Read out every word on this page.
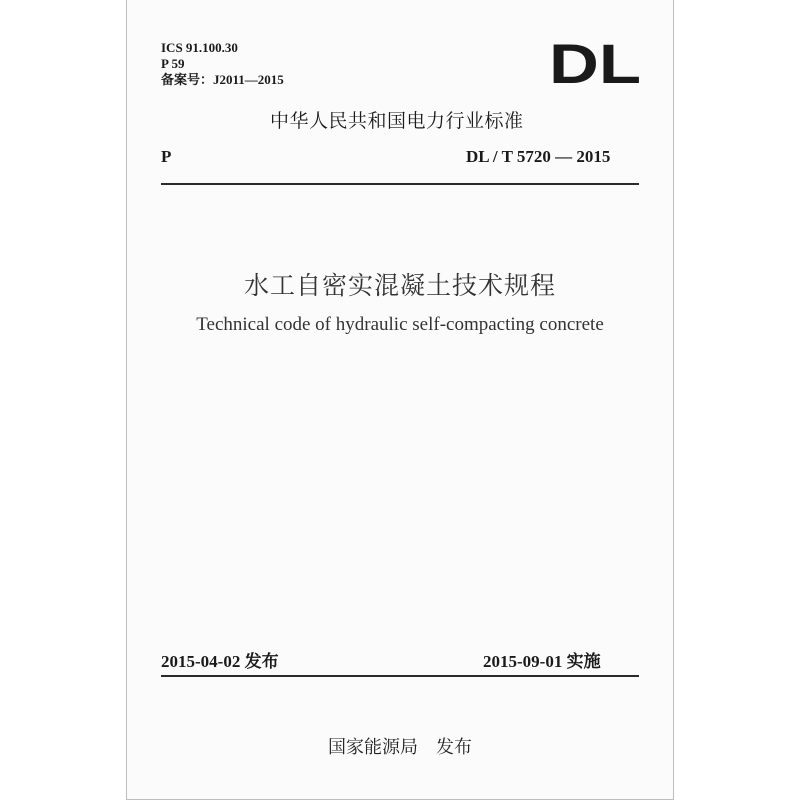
ICS 91.100.30

P 59

备案号：J2011—2015	DL

中华人民共和国电力行业标准

P	DL / T 5720 — 2015

水工自密实混凝土技术规程

Technical code of hydraulic self-compacting concrete

2015-04-02 发布	2015-09-01 实施

国家能源局　发布
